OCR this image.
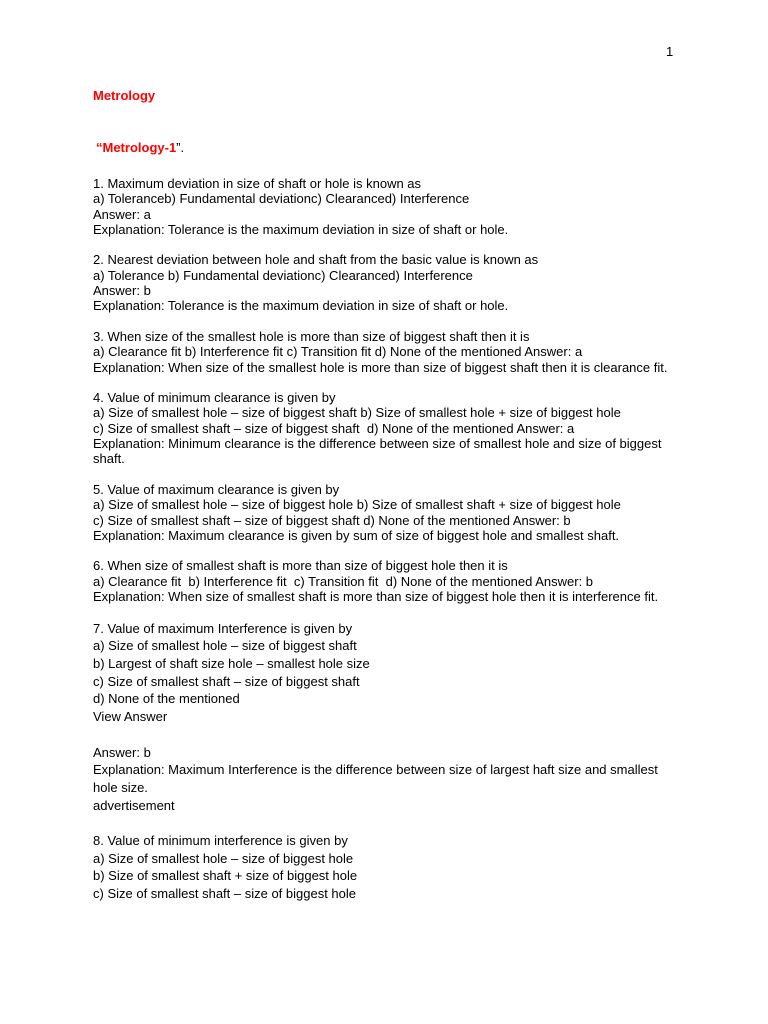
1
Metrology
“Metrology-1”.
1. Maximum deviation in size of shaft or hole is known as
a) Toleranceb) Fundamental deviationc) Clearanced) Interference
Answer: a
Explanation: Tolerance is the maximum deviation in size of shaft or hole.
2. Nearest deviation between hole and shaft from the basic value is known as
a) Tolerance b) Fundamental deviationc) Clearanced) Interference
Answer: b
Explanation: Tolerance is the maximum deviation in size of shaft or hole.
3. When size of the smallest hole is more than size of biggest shaft then it is
a) Clearance fit b) Interference fit c) Transition fit d) None of the mentioned Answer: a
Explanation: When size of the smallest hole is more than size of biggest shaft then it is clearance fit.
4. Value of minimum clearance is given by
a) Size of smallest hole – size of biggest shaft b) Size of smallest hole + size of biggest hole
c) Size of smallest shaft – size of biggest shaft  d) None of the mentioned Answer: a
Explanation: Minimum clearance is the difference between size of smallest hole and size of biggest shaft.
5. Value of maximum clearance is given by
a) Size of smallest hole – size of biggest hole b) Size of smallest shaft + size of biggest hole
c) Size of smallest shaft – size of biggest shaft d) None of the mentioned Answer: b
Explanation: Maximum clearance is given by sum of size of biggest hole and smallest shaft.
6. When size of smallest shaft is more than size of biggest hole then it is
a) Clearance fit  b) Interference fit  c) Transition fit  d) None of the mentioned Answer: b
Explanation: When size of smallest shaft is more than size of biggest hole then it is interference fit.
7. Value of maximum Interference is given by
a) Size of smallest hole – size of biggest shaft
b) Largest of shaft size hole – smallest hole size
c) Size of smallest shaft – size of biggest shaft
d) None of the mentioned
View Answer
Answer: b
Explanation: Maximum Interference is the difference between size of largest haft size and smallest hole size.
advertisement
8. Value of minimum interference is given by
a) Size of smallest hole – size of biggest hole
b) Size of smallest shaft + size of biggest hole
c) Size of smallest shaft – size of biggest hole
